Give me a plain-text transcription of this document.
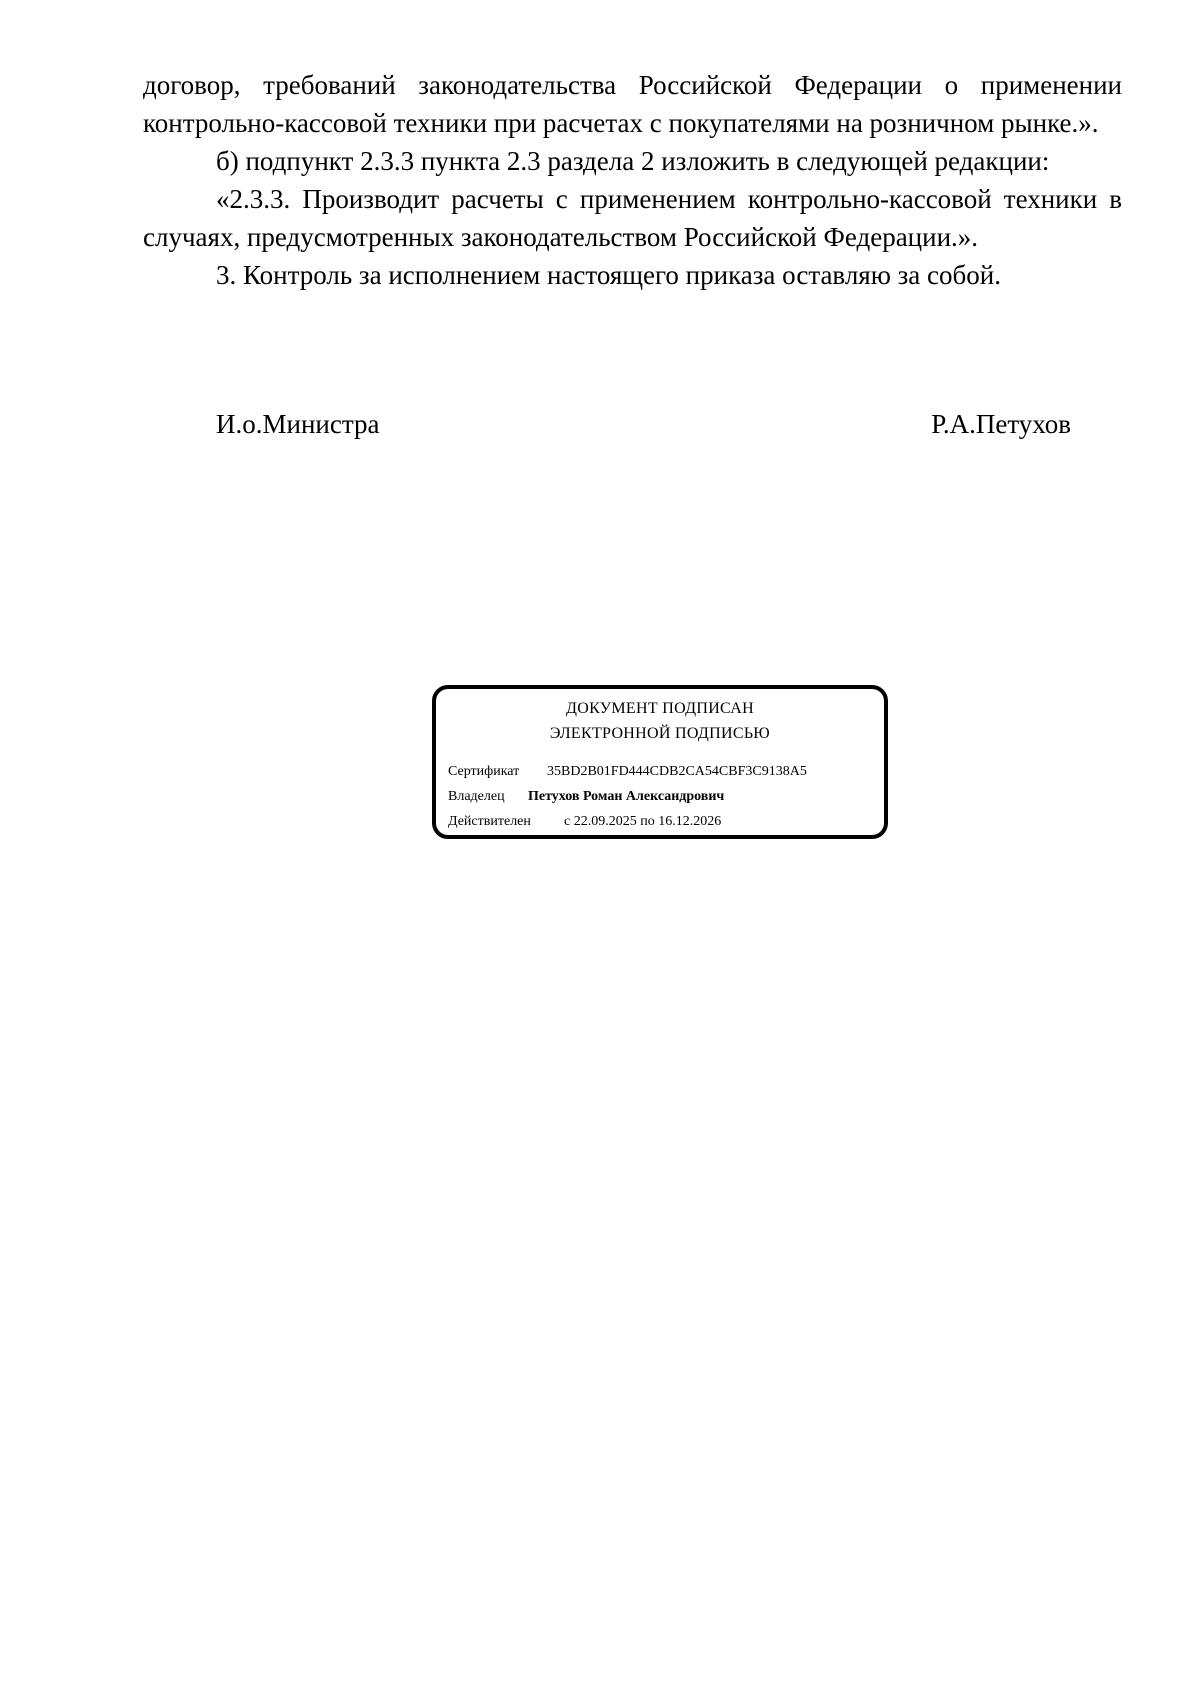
договор, требований законодательства Российской Федерации о применении контрольно-кассовой техники при расчетах с покупателями на розничном рынке.».

б) подпункт 2.3.3 пункта 2.3 раздела 2 изложить в следующей редакции:

«2.3.3. Производит расчеты с применением контрольно-кассовой техники в случаях, предусмотренных законодательством Российской Федерации.».

3. Контроль за исполнением настоящего приказа оставляю за собой.

И.о.Министра	Р.А.Петухов
ДОКУМЕНТ ПОДПИСАН
ЭЛЕКТРОННОЙ ПОДПИСЬЮ
Сертификат 35BD2B01FD444CDB2CA54CBF3C9138A5
Владелец Петухов Роман Александрович
Действителен с 22.09.2025 по 16.12.2026
